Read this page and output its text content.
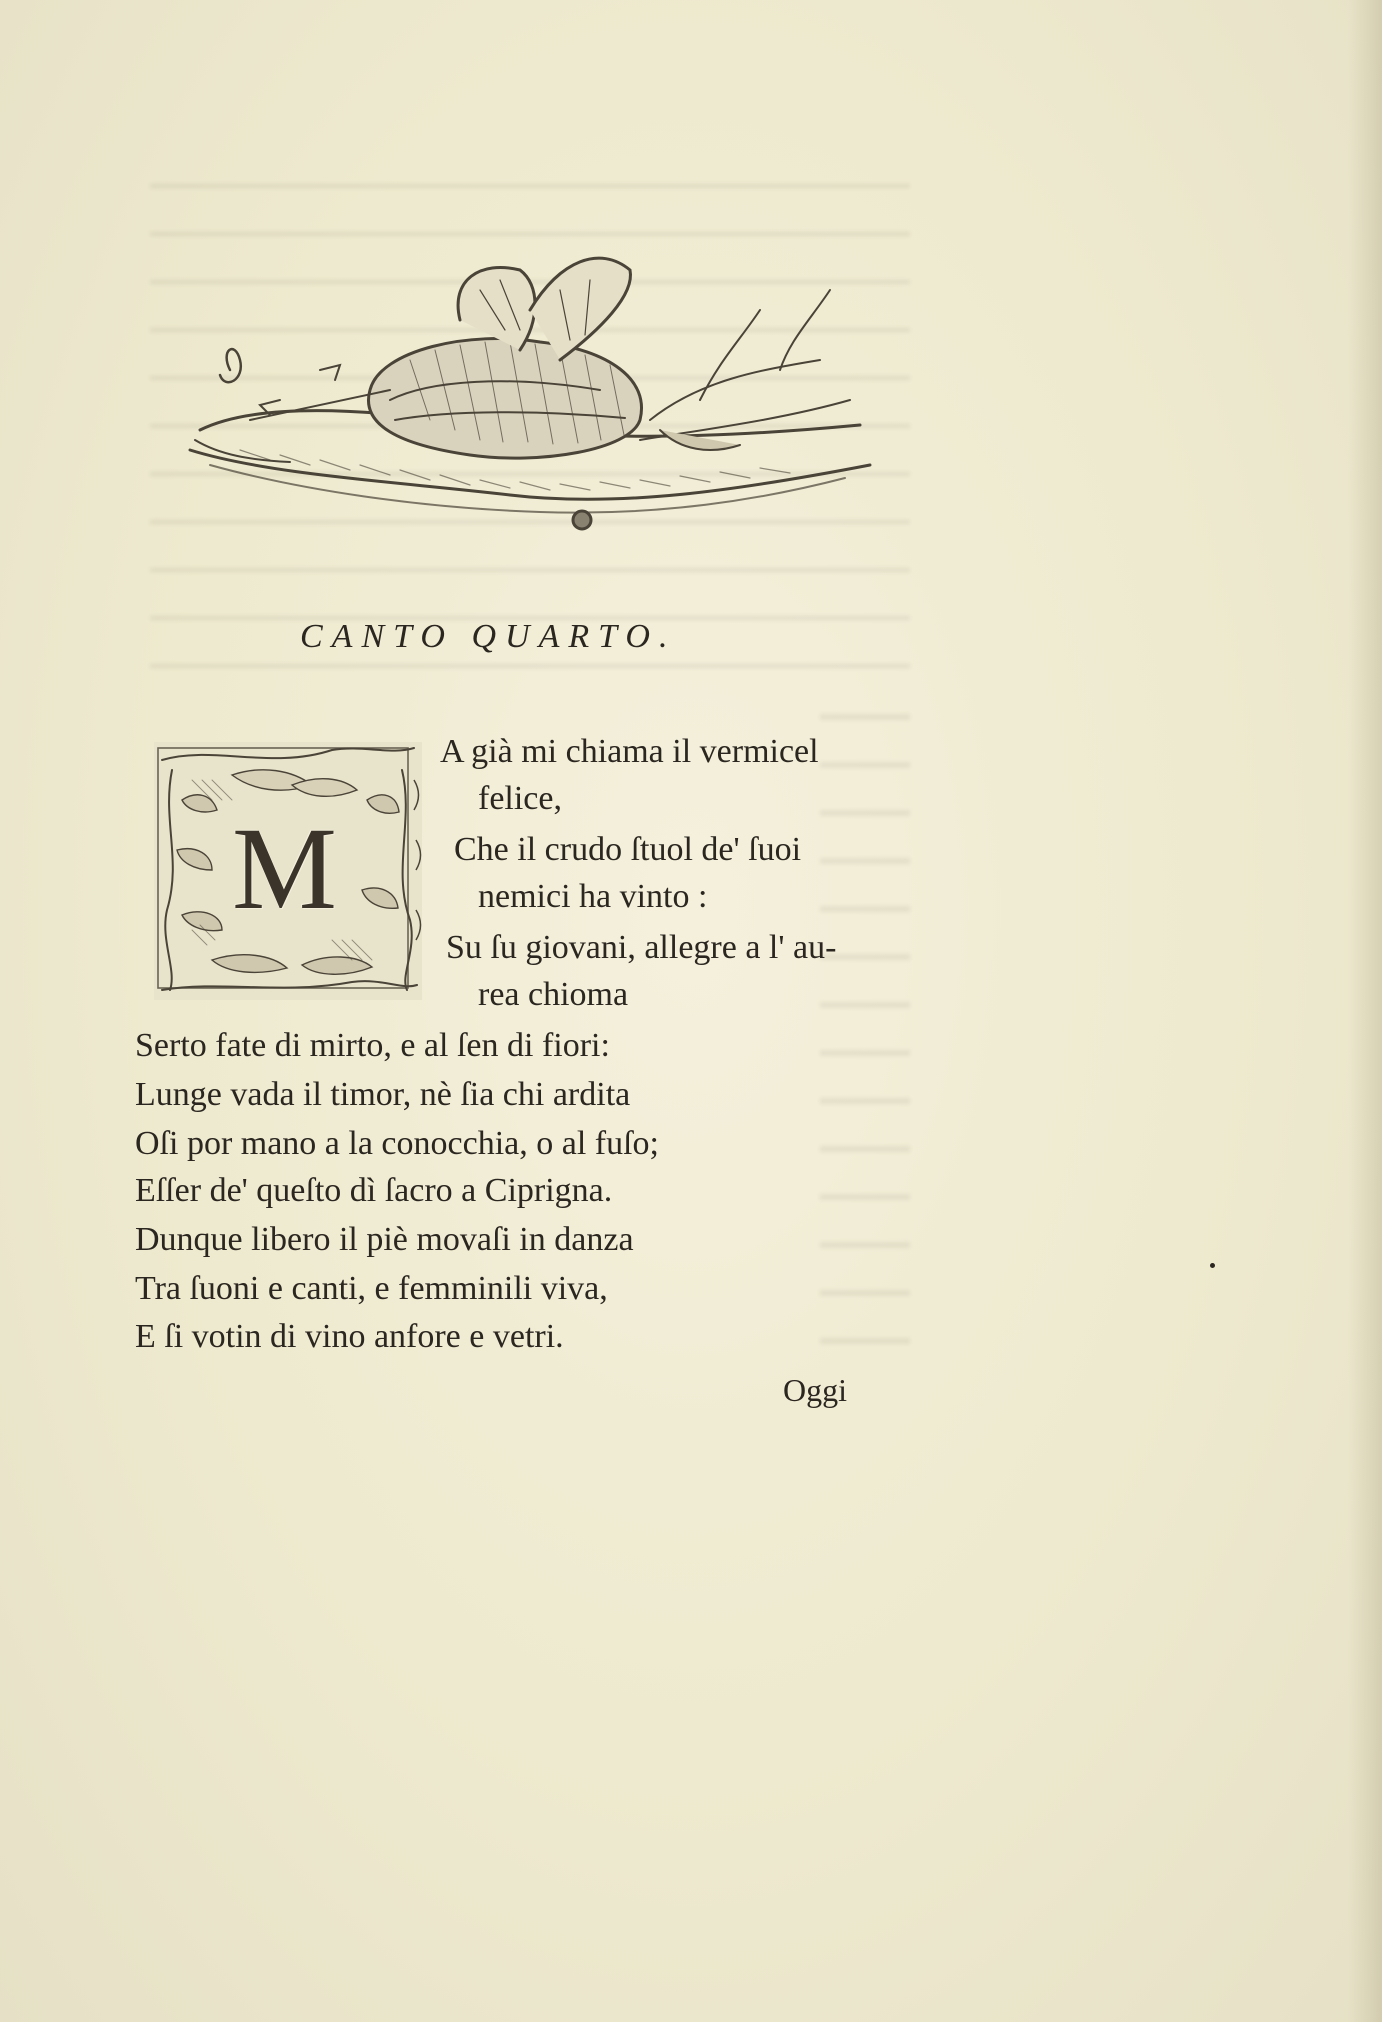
CANTO QUARTO.
M
A già mi chiama il vermicel
felice,
Che il crudo ſtuol de' ſuoi
nemici ha vinto :
Su ſu giovani, allegre a l' au-
rea chioma
Serto fate di mirto, e al ſen di fiori:
Lunge vada il timor, nè ſia chi ardita
Oſi por mano a la conocchia, o al fuſo;
Eſſer de' queſto dì ſacro a Ciprigna.
Dunque libero il piè movaſi in danza
Tra ſuoni e canti, e femminili viva,
E ſi votin di vino anfore e vetri.
Oggi
